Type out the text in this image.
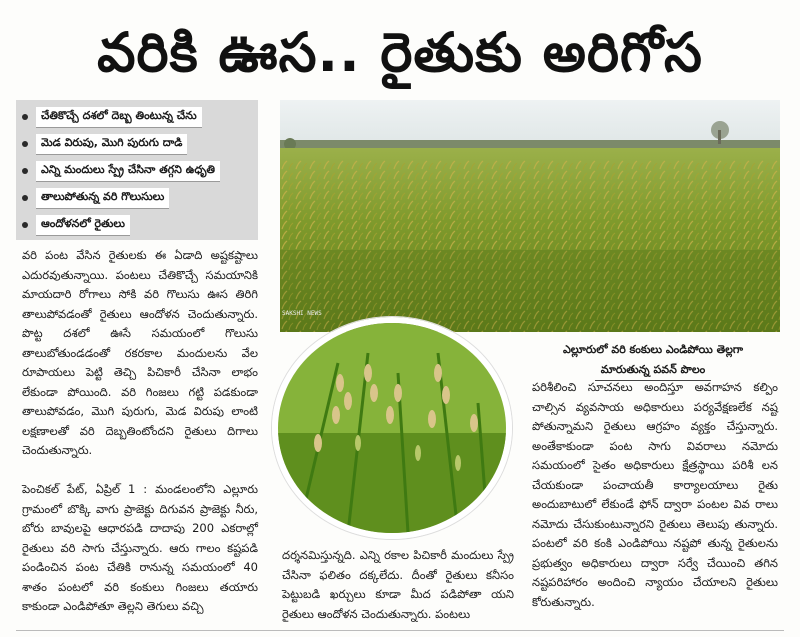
వరికి ఊస.. రైతుకు అరిగోస
చేతికొచ్చే దశలో దెబ్బ తింటున్న చేను
మెడ విరుపు, మొగి పురుగు దాడి
ఎన్ని మందులు స్ప్రే చేసినా తగ్గని ఉధృతి
తాలుపోతున్న వరి గొలుసులు
ఆందోళనలో రైతులు
SAKSHI NEWS
ఎల్లూరులో వరి కంకులు ఎండిపోయి తెల్లగా
మారుతున్న పవన్ పొలం

వరి పంట వేసిన రైతులకు ఈ ఏడాది అష్టకష్టాలు ఎదురవుతున్నాయి. పంటలు చేతికొచ్చే సమయానికి మాయదారి రోగాలు సోకి వరి గొలుసు ఊస తిరిగి తాలుపోవడంతో రైతులు ఆందోళన చెందుతున్నారు. పొట్ట దశలో ఊసే సమయంలో గొలుసు తాలుబోతుండడంతో రకరకాల మందులను వేల రూపాయలు పెట్టి తెచ్చి పిచికారీ చేసినా లాభం లేకుండా పోయింది. వరి గింజలు గట్టి పడకుండా తాలుపోవడం, మొగి పురుగు, మెడ విరుపు లాంటి లక్షణాలతో వరి దెబ్బతింటోందని రైతులు దిగాలు చెందుతున్నారు.

పెంచికల్ పేట్, ఏప్రిల్ 1 : మండలంలోని ఎల్లూరు గ్రామంలో బొక్కి వాగు ప్రాజెక్టు దిగువన ప్రాజెక్టు నీరు, బోరు బావులపై ఆధారపడి దాదాపు 200 ఎకరాల్లో రైతులు వరి సాగు చేస్తున్నారు. ఆరు గాలం కష్టపడి పండించిన పంట చేతికి రానున్న సమయంలో 40 శాతం పంటలో వరి కంకులు గింజలు తయారు కాకుండా ఎండిపోతూ తెల్లని తెగులు వచ్చి

దర్శనమిస్తున్నది. ఎన్ని రకాల పిచికారీ మందులు స్ప్రే చేసినా ఫలితం దక్కలేదు. దీంతో రైతులు కనీసం పెట్టుబడి ఖర్చులు కూడా మీద పడిపోతా యని రైతులు ఆందోళన చెందుతున్నారు. పంటలు

పరిశీలించి సూచనలు అందిస్తూ అవగాహన కల్పిం చాల్సిన వ్యవసాయ అధికారులు పర్యవేక్షణలేక నష్ట పోతున్నామని రైతులు ఆగ్రహం వ్యక్తం చేస్తున్నారు. అంతేకాకుండా పంట సాగు వివరాలు నమోదు సమయంలో సైతం అధికారులు క్షేత్రస్థాయి పరిశీ లన చేయకుండా పంచాయతీ కార్యాలయాలు రైతు అందుబాటులో లేకుండే ఫోన్ ద్వారా పంటల వివ రాలు నమోదు చేసుకుంటున్నారని రైతులు తెలుపు తున్నారు. పంటలో వరి కంకి ఎండిపోయి నష్టపో తున్న రైతులను ప్రభుత్వం అధికారులు ద్వారా సర్వే చేయించి తగిన నష్టపరిహారం అందించి న్యాయం చేయాలని రైతులు కోరుతున్నారు.
